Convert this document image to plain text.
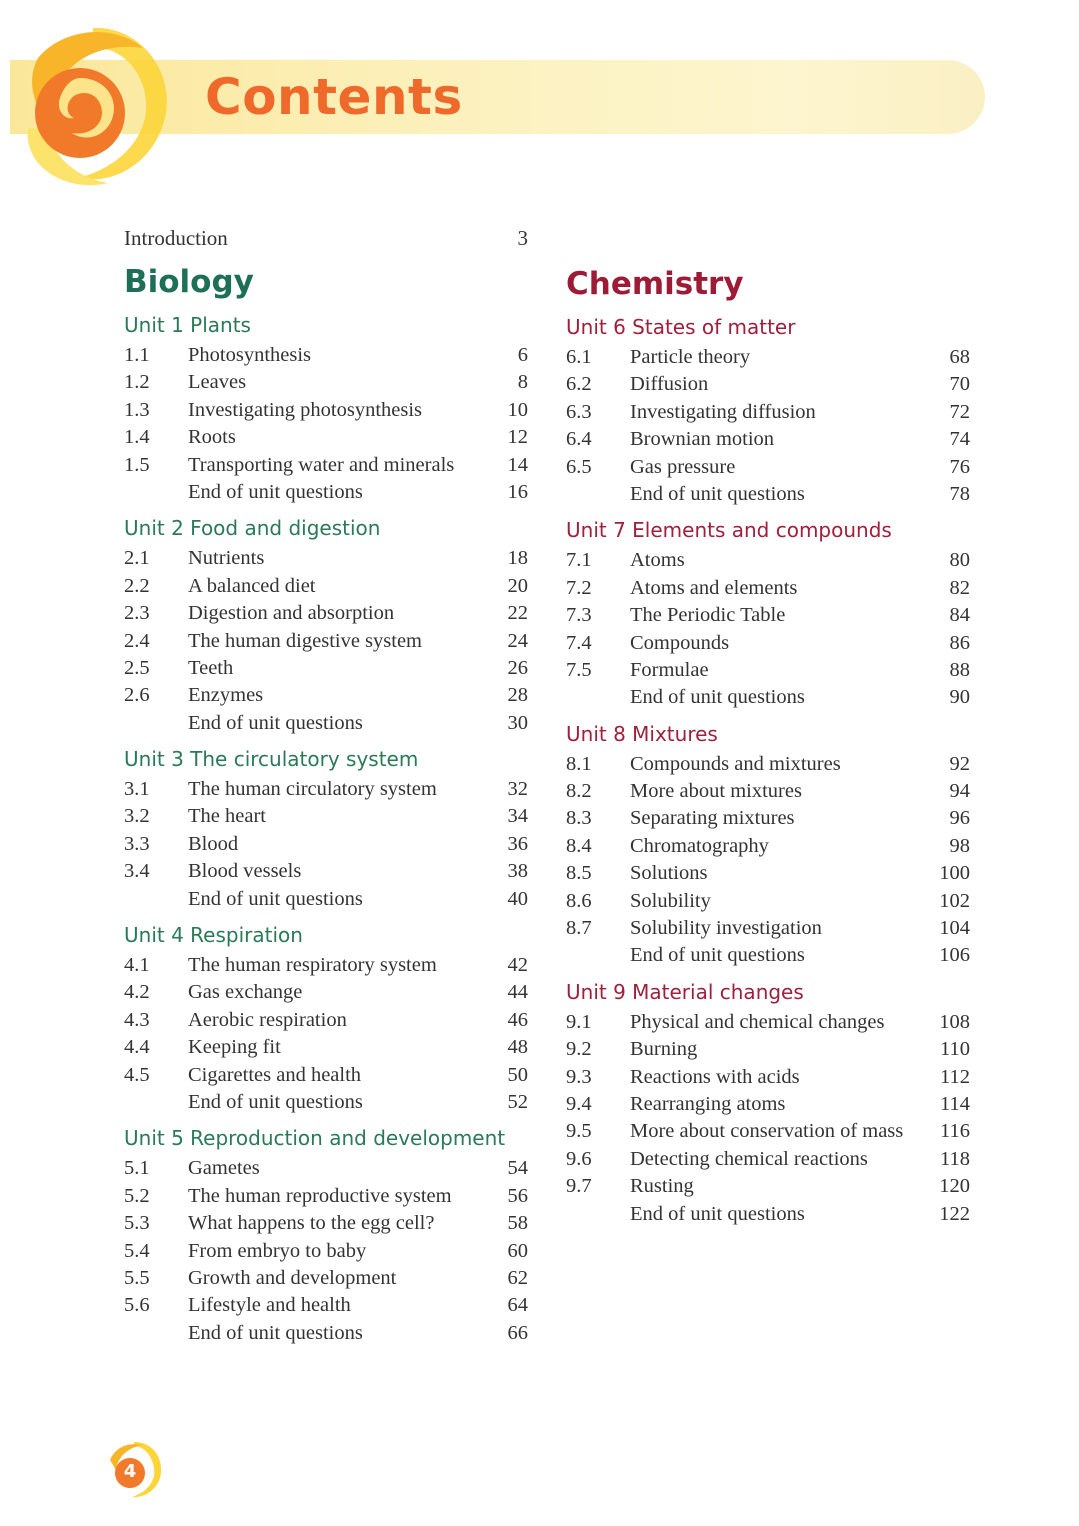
Contents
Introduction	3
Biology
Unit 1 Plants
1.1	Photosynthesis	6
1.2	Leaves	8
1.3	Investigating photosynthesis	10
1.4	Roots	12
1.5	Transporting water and minerals	14
End of unit questions	16
Unit 2 Food and digestion
2.1	Nutrients	18
2.2	A balanced diet	20
2.3	Digestion and absorption	22
2.4	The human digestive system	24
2.5	Teeth	26
2.6	Enzymes	28
End of unit questions	30
Unit 3 The circulatory system
3.1	The human circulatory system	32
3.2	The heart	34
3.3	Blood	36
3.4	Blood vessels	38
End of unit questions	40
Unit 4 Respiration
4.1	The human respiratory system	42
4.2	Gas exchange	44
4.3	Aerobic respiration	46
4.4	Keeping fit	48
4.5	Cigarettes and health	50
End of unit questions	52
Unit 5 Reproduction and development
5.1	Gametes	54
5.2	The human reproductive system	56
5.3	What happens to the egg cell?	58
5.4	From embryo to baby	60
5.5	Growth and development	62
5.6	Lifestyle and health	64
End of unit questions	66
Chemistry
Unit 6 States of matter
6.1	Particle theory	68
6.2	Diffusion	70
6.3	Investigating diffusion	72
6.4	Brownian motion	74
6.5	Gas pressure	76
End of unit questions	78
Unit 7 Elements and compounds
7.1	Atoms	80
7.2	Atoms and elements	82
7.3	The Periodic Table	84
7.4	Compounds	86
7.5	Formulae	88
End of unit questions	90
Unit 8 Mixtures
8.1	Compounds and mixtures	92
8.2	More about mixtures	94
8.3	Separating mixtures	96
8.4	Chromatography	98
8.5	Solutions	100
8.6	Solubility	102
8.7	Solubility investigation	104
End of unit questions	106
Unit 9 Material changes
9.1	Physical and chemical changes	108
9.2	Burning	110
9.3	Reactions with acids	112
9.4	Rearranging atoms	114
9.5	More about conservation of mass	116
9.6	Detecting chemical reactions	118
9.7	Rusting	120
End of unit questions	122
4
